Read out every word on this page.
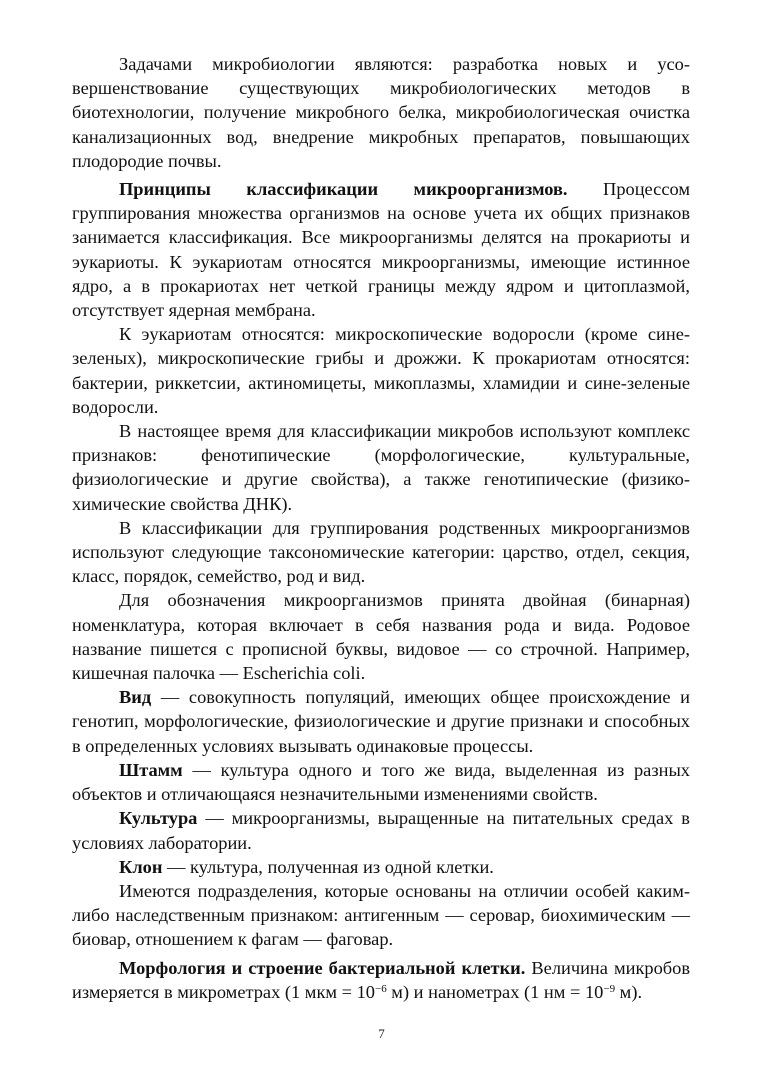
Задачами микробиологии являются: разработка новых и усовершенствование существующих микробиологических методов в биотехнологии, получение микробного белка, микробиологическая очистка канализационных вод, внедрение микробных препаратов, повышающих плодородие почвы.

Принципы классификации микроорганизмов. Процессом группирования множества организмов на основе учета их общих признаков занимается классификация. Все микроорганизмы делятся на прокариоты и эукариоты. К эукариотам относятся микроорганизмы, имеющие истинное ядро, а в прокариотах нет четкой границы между ядром и цитоплазмой, отсутствует ядерная мембрана.

К эукариотам относятся: микроскопические водоросли (кроме сине-зеленых), микроскопические грибы и дрожжи. К прокариотам относятся: бактерии, риккетсии, актиномицеты, микоплазмы, хламидии и сине-зеленые водоросли.

В настоящее время для классификации микробов используют комплекс признаков: фенотипические (морфологические, культуральные, физиологические и другие свойства), а также генотипические (физико-химические свойства ДНК).

В классификации для группирования родственных микроорганизмов используют следующие таксономические категории: царство, отдел, секция, класс, порядок, семейство, род и вид.

Для обозначения микроорганизмов принята двойная (бинарная) номенклатура, которая включает в себя названия рода и вида. Родовое название пишется с прописной буквы, видовое — со строчной. Например, кишечная палочка — Escherichia coli.

Вид — совокупность популяций, имеющих общее происхождение и генотип, морфологические, физиологические и другие признаки и способных в определенных условиях вызывать одинаковые процессы.

Штамм — культура одного и того же вида, выделенная из разных объектов и отличающаяся незначительными изменениями свойств.

Культура — микроорганизмы, выращенные на питательных средах в условиях лаборатории.

Клон — культура, полученная из одной клетки.

Имеются подразделения, которые основаны на отличии особей каким-либо наследственным признаком: антигенным — серовар, биохимическим — биовар, отношением к фагам — фаговар.

Морфология и строение бактериальной клетки. Величина микробов измеряется в микрометрах (1 мкм = $10^{-6}$ м) и нанометрах (1 нм = $10^{-9}$ м).

7
